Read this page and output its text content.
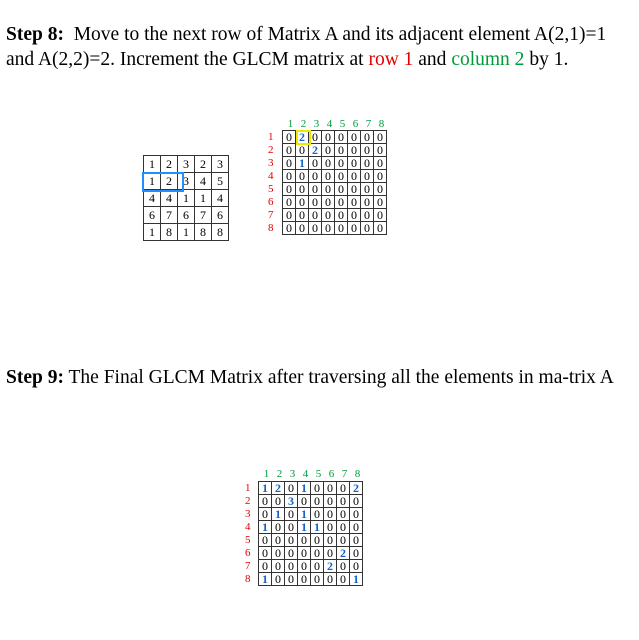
Step 8: Move to the next row of Matrix A and its adjacent element A(2,1)=1 and A(2,2)=2. Increment the GLCM matrix at row 1 and column 2 by 1.
1	2	3	2	3
1	2	3	4	5
4	4	1	1	4
6	7	6	7	6
1	8	1	8	8
1 2 3 4 5 6 7 8
1
2
3
4
5
6
7
8
0	2	0	0	0	0	0	0
0	0	2	0	0	0	0	0
0	1	0	0	0	0	0	0
0	0	0	0	0	0	0	0
0	0	0	0	0	0	0	0
0	0	0	0	0	0	0	0
0	0	0	0	0	0	0	0
0	0	0	0	0	0	0	0
Step 9: The Final GLCM Matrix after traversing all the elements in ma-trix A
1 2 3 4 5 6 7 8
1
2
3
4
5
6
7
8
1	2	0	1	0	0	0	2
0	0	3	0	0	0	0	0
0	1	0	1	0	0	0	0
1	0	0	1	1	0	0	0
0	0	0	0	0	0	0	0
0	0	0	0	0	0	2	0
0	0	0	0	0	2	0	0
1	0	0	0	0	0	0	1
